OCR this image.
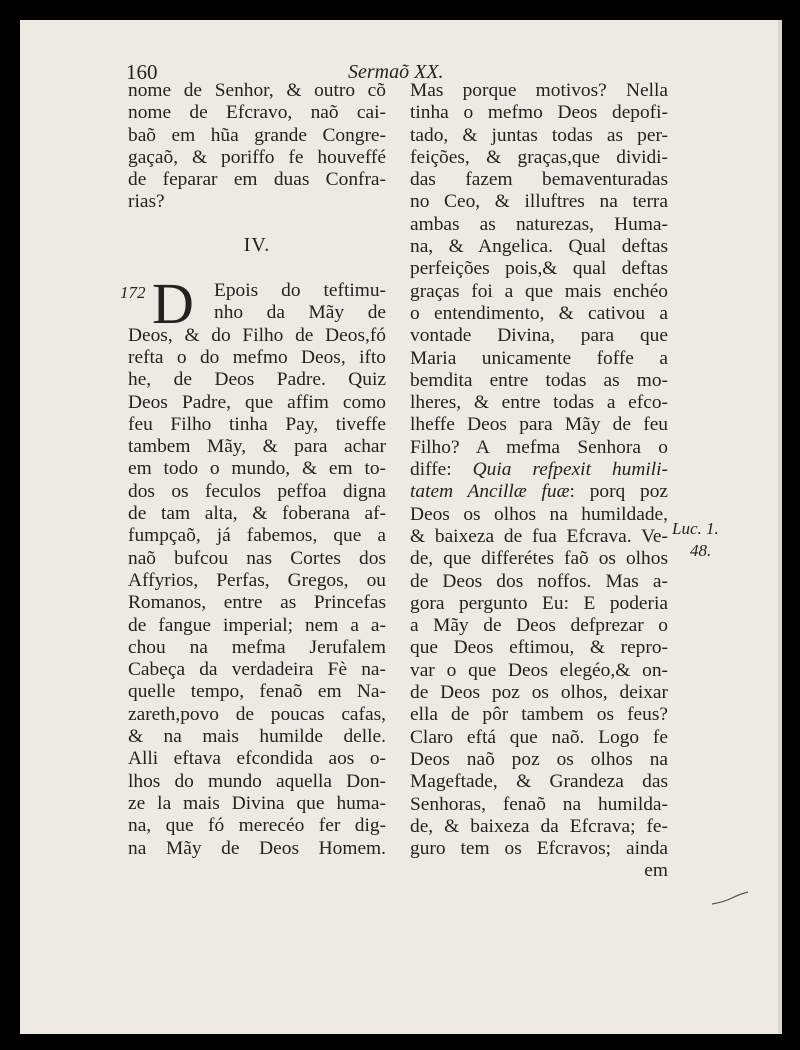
160	Sermaõ XX.
nome de Senhor, & outro cõ
nome de Efcravo, naõ cai-
baõ em hũa grande Congre-
gaçaõ, & poriffo fe houveffé
de feparar em duas Confra-
rias?
IV.
172 D Epois do teftimu-
nho da Mãy de
Deos, & do Filho de Deos,fó
refta o do mefmo Deos, ifto
he, de Deos Padre. Quiz
Deos Padre, que affim como
feu Filho tinha Pay, tiveffe
tambem Mãy, & para achar
em todo o mundo, & em to-
dos os feculos peffoa digna
de tam alta, & foberana af-
fumpçaõ, já fabemos, que a
naõ bufcou nas Cortes dos
Affyrios, Perfas, Gregos, ou
Romanos, entre as Princefas
de fangue imperial; nem a a-
chou na mefma Jerufalem
Cabeça da verdadeira Fè na-
quelle tempo, fenaõ em Na-
zareth,povo de poucas cafas,
& na mais humilde delle.
Alli eftava efcondida aos o-
lhos do mundo aquella Don-
ze la mais Divina que huma-
na, que fó merecéo fer dig-
na Mãy de Deos Homem.
Mas porque motivos? Nella
tinha o mefmo Deos depofi-
tado, & juntas todas as per-
feições, & graças,que dividi-
das fazem bemaventuradas
no Ceo, & illuftres na terra
ambas as naturezas, Huma-
na, & Angelica. Qual deftas
perfeições pois,& qual deftas
graças foi a que mais enchéo
o entendimento, & cativou a
vontade Divina, para que
Maria unicamente foffe a
bemdita entre todas as mo-
lheres, & entre todas a efco-
lheffe Deos para Mãy de feu
Filho? A mefma Senhora o
diffe: Quia refpexit humili-
tatem Ancillæ fuæ: porq poz
Deos os olhos na humildade,
& baixeza de fua Efcrava. Ve-
de, que differétes faõ os olhos
de Deos dos noffos. Mas a-
gora pergunto Eu: E poderia
a Mãy de Deos defprezar o
que Deos eftimou, & repro-
var o que Deos elegéo,& on-
de Deos poz os olhos, deixar
ella de pôr tambem os feus?
Claro eftá que naõ. Logo fe
Deos naõ poz os olhos na
Mageftade, & Grandeza das
Senhoras, fenaõ na humilda-
de, & baixeza da Efcrava; fe-
guro tem os Efcravos; ainda
em
Luc. 1.
48.
